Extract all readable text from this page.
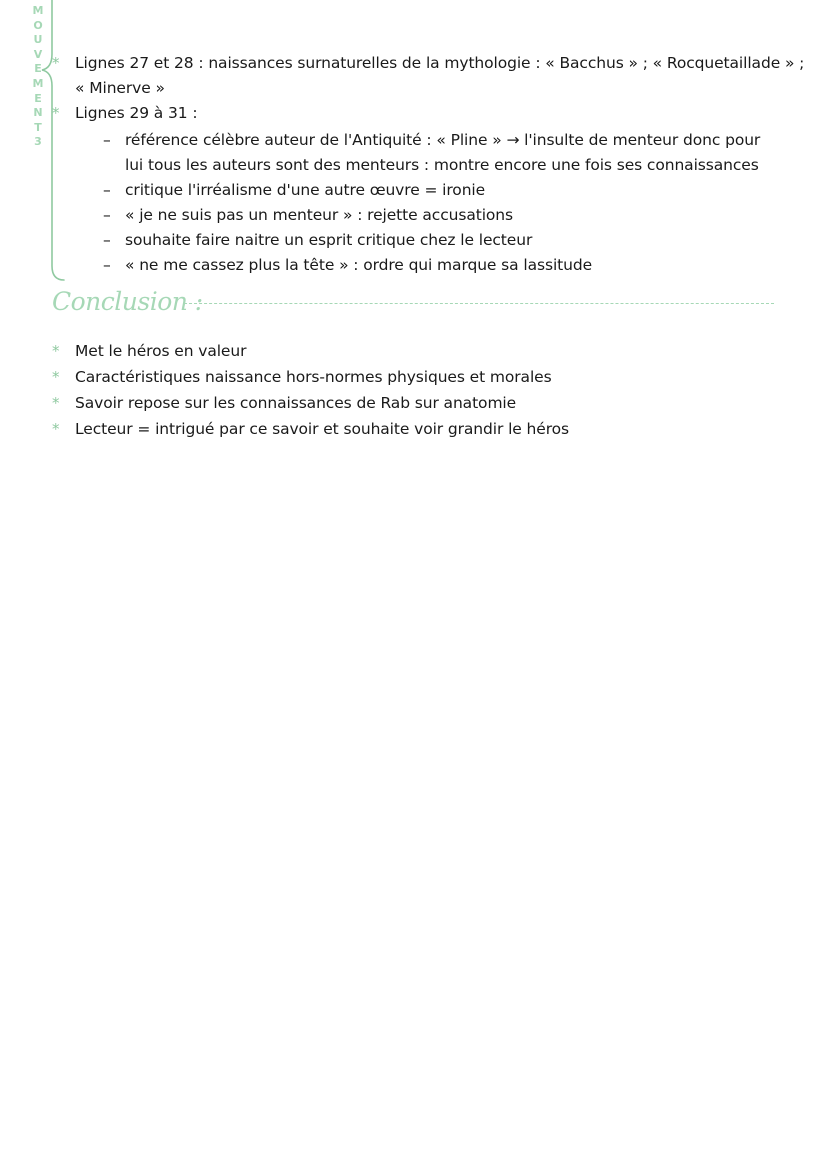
M
O
U
V
E
M
E
N
T
3
* Lignes 27 et 28 : naissances surnaturelles de la mythologie : « Bacchus » ; « Rocquetaillade » ;
« Minerve »
* Lignes 29 à 31 :
– référence célèbre auteur de l'Antiquité : « Pline » → l'insulte de menteur donc pour
lui tous les auteurs sont des menteurs : montre encore une fois ses connaissances
– critique l'irréalisme d'une autre œuvre = ironie
– « je ne suis pas un menteur » : rejette accusations
– souhaite faire naitre un esprit critique chez le lecteur
– « ne me cassez plus la tête » : ordre qui marque sa lassitude
Conclusion :
* Met le héros en valeur
* Caractéristiques naissance hors-normes physiques et morales
* Savoir repose sur les connaissances de Rab sur anatomie
* Lecteur = intrigué par ce savoir et souhaite voir grandir le héros
